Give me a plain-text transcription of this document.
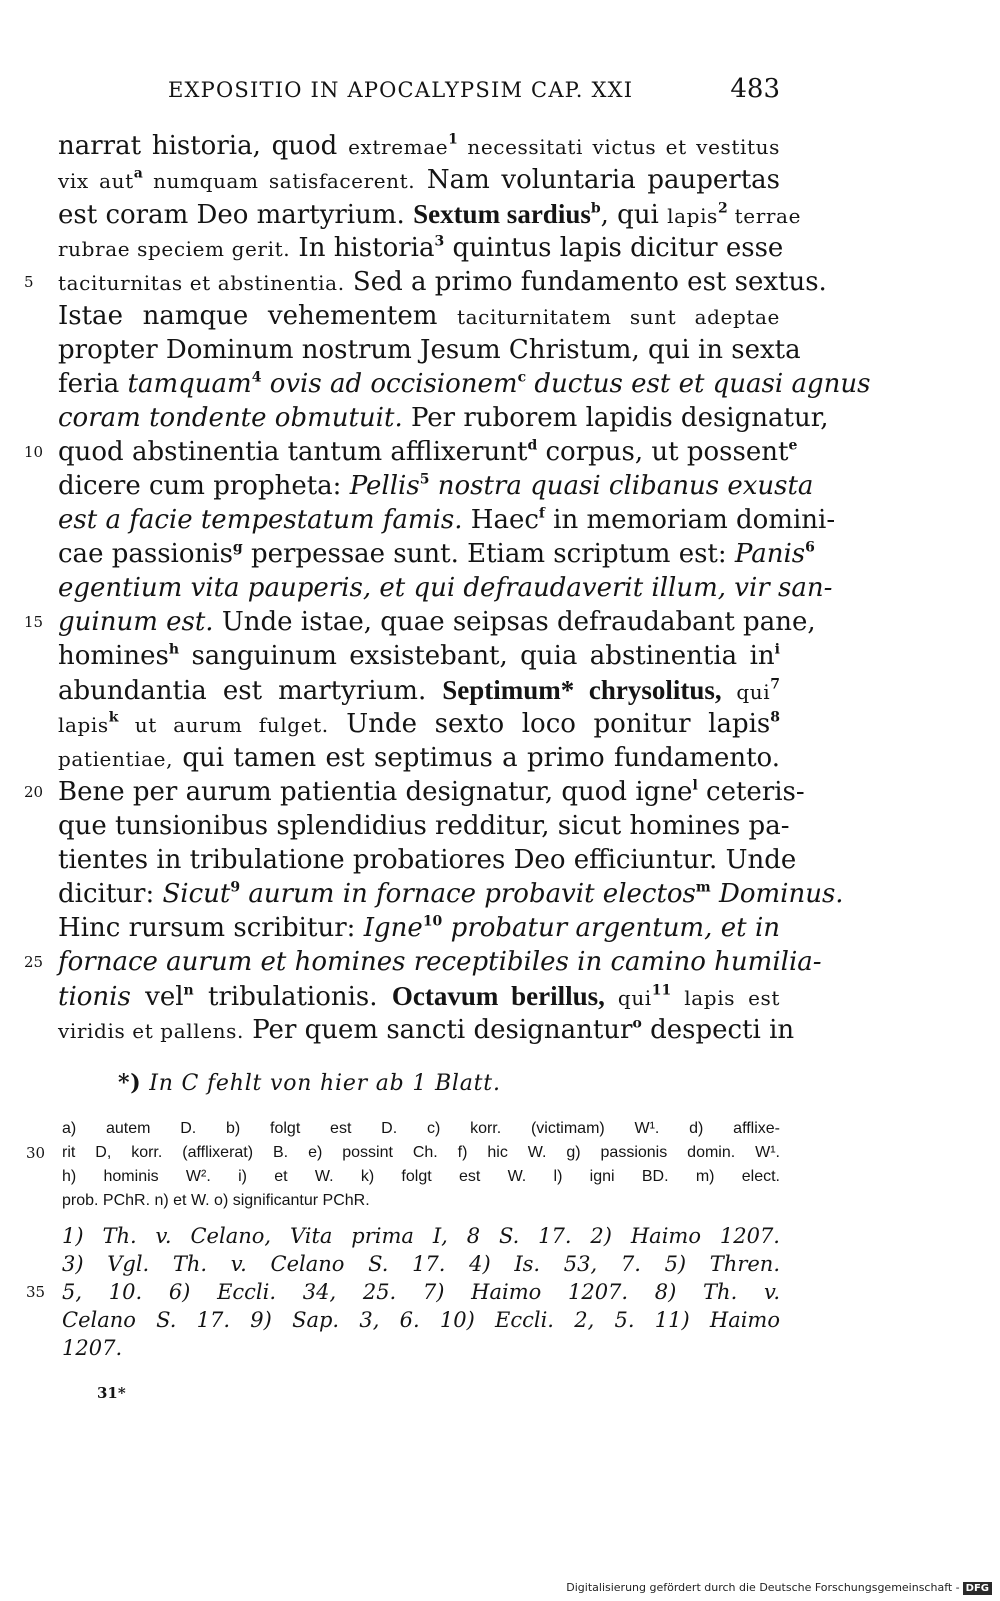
EXPOSITIO IN APOCALYPSIM CAP. XXI	483
narrat historia, quod extremae$^1$ necessitati victus et vestitus
vix aut$^a$ numquam satisfacerent. Nam voluntaria paupertas
est coram Deo martyrium. Sextum sardius$^b$, qui lapis$^2$ terrae
rubrae speciem gerit. In historia$^3$ quintus lapis dicitur esse
5	taciturnitas et abstinentia. Sed a primo fundamento est sextus.
Istae namque vehementem taciturnitatem sunt adeptae
propter Dominum nostrum Jesum Christum, qui in sexta
feria tamquam$^4$ ovis ad occisionem$^c$ ductus est et quasi agnus
coram tondente obmutuit. Per ruborem lapidis designatur,
10 quod abstinentia tantum afflixerunt$^d$ corpus, ut possent$^e$
dicere cum propheta: Pellis$^5$ nostra quasi clibanus exusta
est a facie tempestatum famis. Haec$^f$ in memoriam domini-
cae passionis$^g$ perpessae sunt. Etiam scriptum est: Panis$^6$
egentium vita pauperis, et qui defraudaverit illum, vir san-
15 guinum est. Unde istae, quae seipsas defraudabant pane,
homines$^h$ sanguinum exsistebant, quia abstinentia $in^i$
abundantia est martyrium. Septimum* chrysolitus, qui$^7$
lapis$^k$ ut aurum fulget. Unde sexto loco ponitur lapis$^8$
patientiae, qui tamen est septimus a primo fundamento.
20 Bene per aurum patientia designatur, quod igne$^l$ ceteris-
que tunsionibus splendidius redditur, sicut homines pa-
tientes in tribulatione probatiores Deo efficiuntur. Unde
dicitur: Sicut$^9$ aurum in fornace probavit electos$^m$ Dominus.
Hinc rursum scribitur: Igne$^{10}$ probatur argentum, et in
25 fornace aurum et homines receptibiles in camino humilia-
tionis vel$^n$ tribulationis. Octavum berillus, qui$^{11}$ lapis est
viridis et pallens. Per quem sancti designantur$^o$ despecti in
*) In C fehlt von hier ab 1 Blatt.
a) autem D. b) folgt est D. c) korr. (victimam) W¹. d) afflixe-
30 rit D, korr. (afflixerat) B. e) possint Ch. f) hic W. g) passionis domin. W¹.
h) hominis W². i) et W. k) folgt est W. l) igni BD. m) elect.
prob. PChR. n) et W. o) significantur PChR.
1) Th. v. Celano, Vita prima I, 8 S. 17. 2) Haimo 1207.
3) Vgl. Th. v. Celano S. 17. 4) Is. 53, 7. 5) Thren.
35 5, 10. 6) Eccli. 34, 25. 7) Haimo 1207. 8) Th. v.
Celano S. 17. 9) Sap. 3, 6. 10) Eccli. 2, 5. 11) Haimo
1207.
31*
Digitalisierung gefördert durch die Deutsche Forschungsgemeinschaft - DFG
